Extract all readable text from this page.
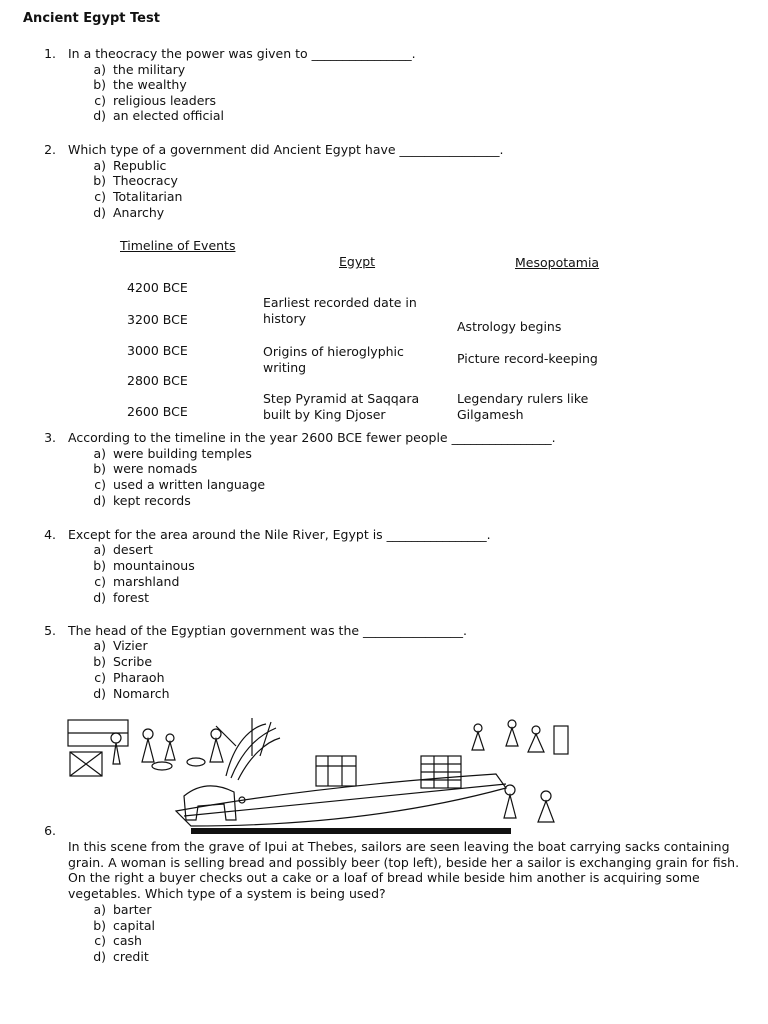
Ancient Egypt Test
1. In a theocracy the power was given to ________________.
a) the military
b) the wealthy
c) religious leaders
d) an elected official
2. Which type of a government did Ancient Egypt have ________________.
a) Republic
b) Theocracy
c) Totalitarian
d) Anarchy
Timeline of Events
Egypt	Mesopotamia
4200 BCE
3200 BCE
Earliest recorded date in history
Astrology begins
3000 BCE	Origins of hieroglyphic writing
Picture record-keeping
2800 BCE
2600 BCE
Step Pyramid at Saqqara built by King Djoser
Legendary rulers like Gilgamesh
3. According to the timeline in the year 2600 BCE fewer people ________________.
a) were building temples
b) were nomads
c) used a written language
d) kept records
4. Except for the area around the Nile River, Egypt is ________________.
a) desert
b) mountainous
c) marshland
d) forest
5. The head of the Egyptian government was the ________________.
a) Vizier
b) Scribe
c) Pharaoh
d) Nomarch
6.
In this scene from the grave of Ipui at Thebes, sailors are seen leaving the boat carrying sacks containing grain. A woman is selling bread and possibly beer (top left), beside her a sailor is exchanging grain for fish. On the right a buyer checks out a cake or a loaf of bread while beside him another is acquiring some vegetables. Which type of a system is being used?
a) barter
b) capital
c) cash
d) credit
